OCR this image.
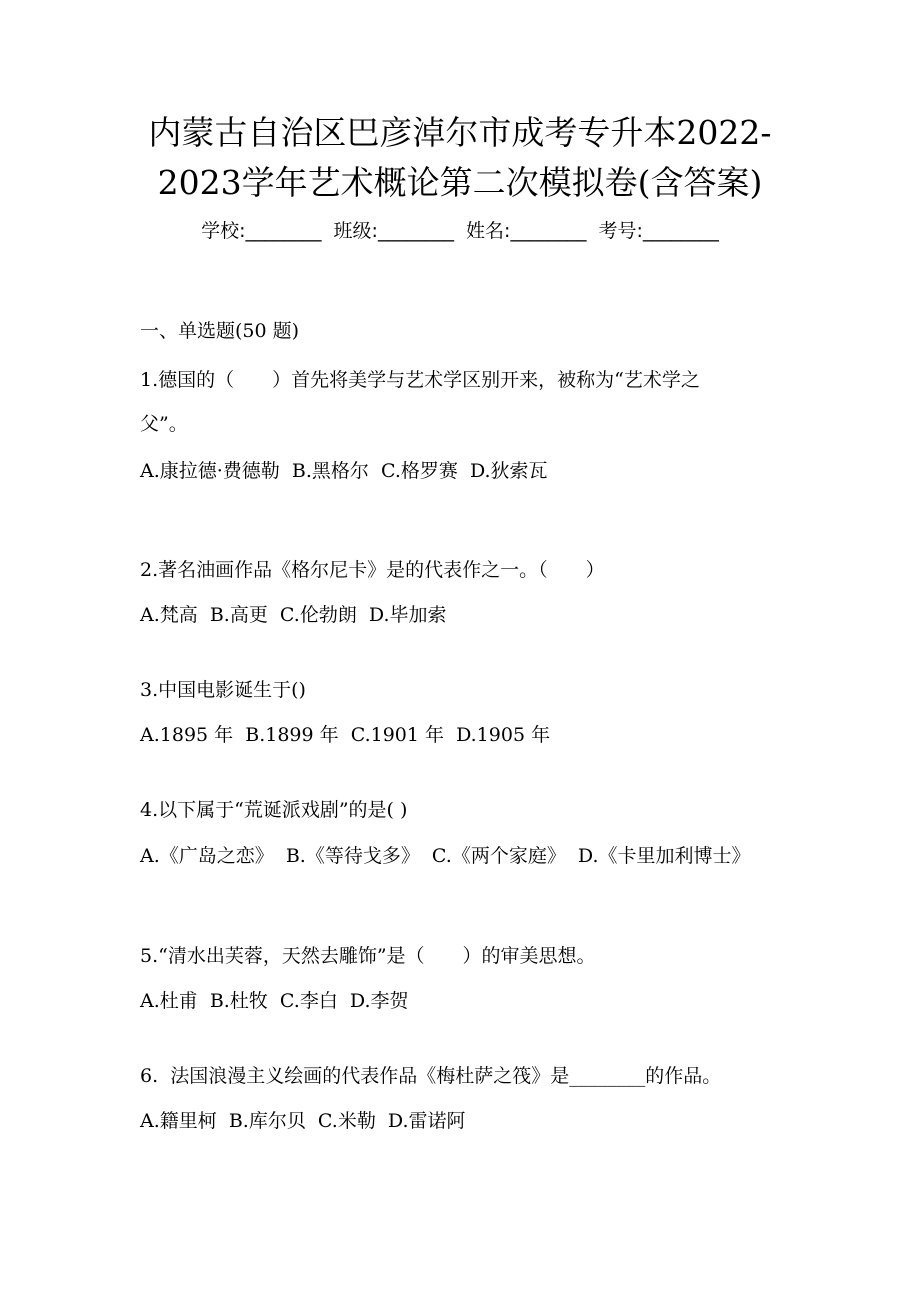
内蒙古自治区巴彦淖尔市成考专升本2022-
2023学年艺术概论第二次模拟卷(含答案)
学校:________  班级:________  姓名:________  考号:________
一、单选题(50 题)
1.德国的（　　）首先将美学与艺术学区别开来，被称为“艺术学之
父”。
A.康拉德·费德勒  B.黑格尔  C.格罗赛  D.狄索瓦
2.著名油画作品《格尔尼卡》是的代表作之一。（　　）
A.梵高  B.高更  C.伦勃朗  D.毕加索
3.中国电影诞生于()
A.1895 年  B.1899 年  C.1901 年  D.1905 年
4.以下属于“荒诞派戏剧”的是( )
A.《广岛之恋》  B.《等待戈多》  C.《两个家庭》  D.《卡里加利博士》
5.“清水出芙蓉，天然去雕饰”是（　　）的审美思想。
A.杜甫  B.杜牧  C.李白  D.李贺
6.  法国浪漫主义绘画的代表作品《梅杜萨之筏》是________的作品。
A.籍里柯  B.库尔贝  C.米勒  D.雷诺阿
